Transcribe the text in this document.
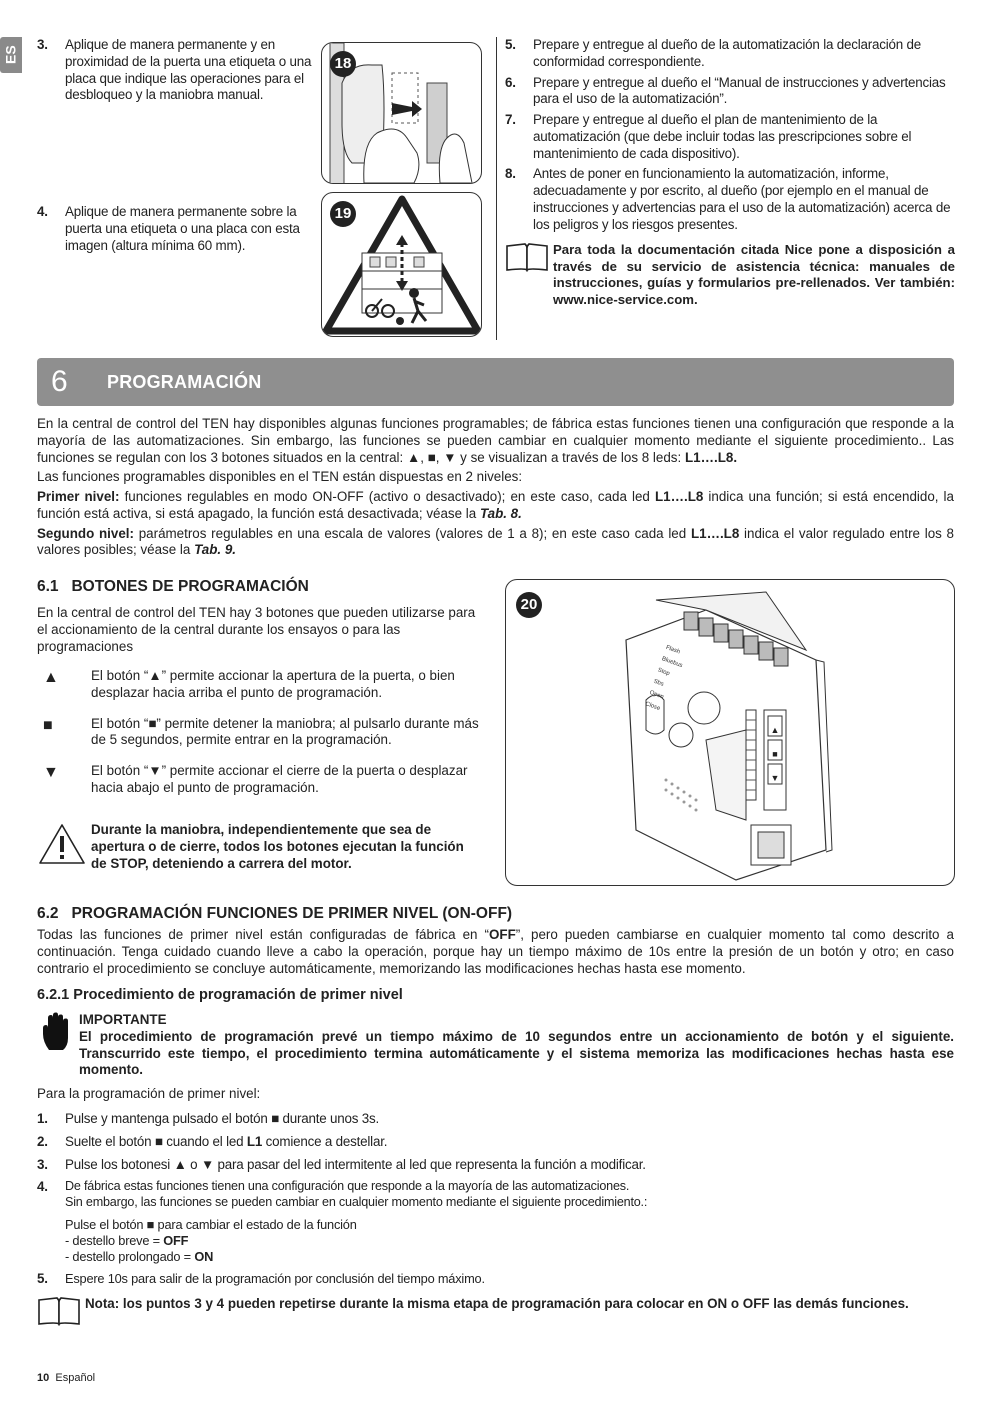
ES
3.	Aplique de manera permanente y en proximidad de la puerta una etiqueta o una placa que indique las operaciones para el desbloqueo y la maniobra manual.
4.	Aplique de manera permanente sobre la puerta una etiqueta o una placa con esta imagen (altura mínima 60 mm).
18
19
5.	Prepare y entregue al dueño de la automatización la declaración de conformidad correspondiente.
6.	Prepare y entregue al dueño el “Manual de instrucciones y advertencias para el uso de la automatización”.
7.	Prepare y entregue al dueño el plan de mantenimiento de la automatización (que debe incluir todas las prescripciones sobre el mantenimiento de cada dispositivo).
8.	Antes de poner en funcionamiento la automatización, informe, adecuadamente y por escrito, al dueño (por ejemplo en el manual de instrucciones y advertencias para el uso de la automatización) acerca de los peligros y los riesgos presentes.
Para toda la documentación citada Nice pone a disposición a través de su servicio de asistencia técnica: manuales de instrucciones, guías y formularios pre-rellenados. Ver también: www.nice-service.com.
6	PROGRAMACIÓN

En la central de control del TEN hay disponibles algunas funciones programables; de fábrica estas funciones tienen una configuración que responde a la mayoría de las automatizaciones. Sin embargo, las funciones se pueden cambiar en cualquier momento mediante el siguiente procedimiento.. Las funciones se regulan con los 3 botones situados en la central: ▲, ■, ▼ y se visualizan a través de los 8 leds: L1….L8.

Las funciones programables disponibles en el TEN están dispuestas en 2 niveles:

Primer nivel: funciones regulables en modo ON-OFF (activo o desactivado); en este caso, cada led L1….L8 indica una función; si está encendido, la función está activa, si está apagado, la función está desactivada; véase la Tab. 8.

Segundo nivel: parámetros regulables en una escala de valores (valores de 1 a 8); en este caso cada led L1….L8 indica el valor regulado entre los 8 valores posibles; véase la Tab. 9.

6.1   BOTONES DE PROGRAMACIÓN

En la central de control del TEN hay 3 botones que pueden utilizarse para el accionamiento de la central durante los ensayos o para las programaciones

▲	El botón “▲” permite accionar la apertura de la puerta, o bien desplazar hacia arriba el punto de programación.
■	El botón “■” permite detener la maniobra; al pulsarlo durante más de 5 segundos, permite entrar en la programación.
▼	El botón “▼” permite accionar el cierre de la puerta o desplazar hacia abajo el punto de programación.
Durante la maniobra, independientemente que sea de apertura o de cierre, todos los botones ejecutan la función de STOP, deteniendo a carrera del motor.
20
Flash
Bluebus
Stop
Sbs
Open
Close
▲
■
▼
6.2   PROGRAMACIÓN FUNCIONES DE PRIMER NIVEL (ON-OFF)

Todas las funciones de primer nivel están configuradas de fábrica en “OFF”, pero pueden cambiarse en cualquier momento tal como descrito a continuación. Tenga cuidado cuando lleve a cabo la operación, porque hay un tiempo máximo de 10s entre la presión de un botón y otro; en caso contrario el procedimiento se concluye automáticamente, memorizando las modificaciones hechas hasta ese momento.

6.2.1 Procedimiento de programación de primer nivel
IMPORTANTE
El procedimiento de programación prevé un tiempo máximo de 10 segundos entre un accionamiento de botón y el siguiente. Transcurrido este tiempo, el procedimiento termina automáticamente y el sistema memoriza las modificaciones hechas hasta ese momento.

Para la programación de primer nivel:

1.	Pulse y mantenga pulsado el botón ■ durante unos 3s.
2.	Suelte el botón ■ cuando el led L1 comience a destellar.
3.	Pulse los botonesi ▲ o ▼ para pasar del led intermitente al led que representa la función a modificar.
4.	De fábrica estas funciones tienen una configuración que responde a la mayoría de las automatizaciones.
Sin embargo, las funciones se pueden cambiar en cualquier momento mediante el siguiente procedimiento.:
Pulse el botón ■ para cambiar el estado de la función
- destello breve = OFF
- destello prolongado = ON
5.	Espere 10s para salir de la programación por conclusión del tiempo máximo.
Nota: los puntos 3 y 4 pueden repetirse durante la misma etapa de programación para colocar en ON o OFF las demás funciones.
10 Español
